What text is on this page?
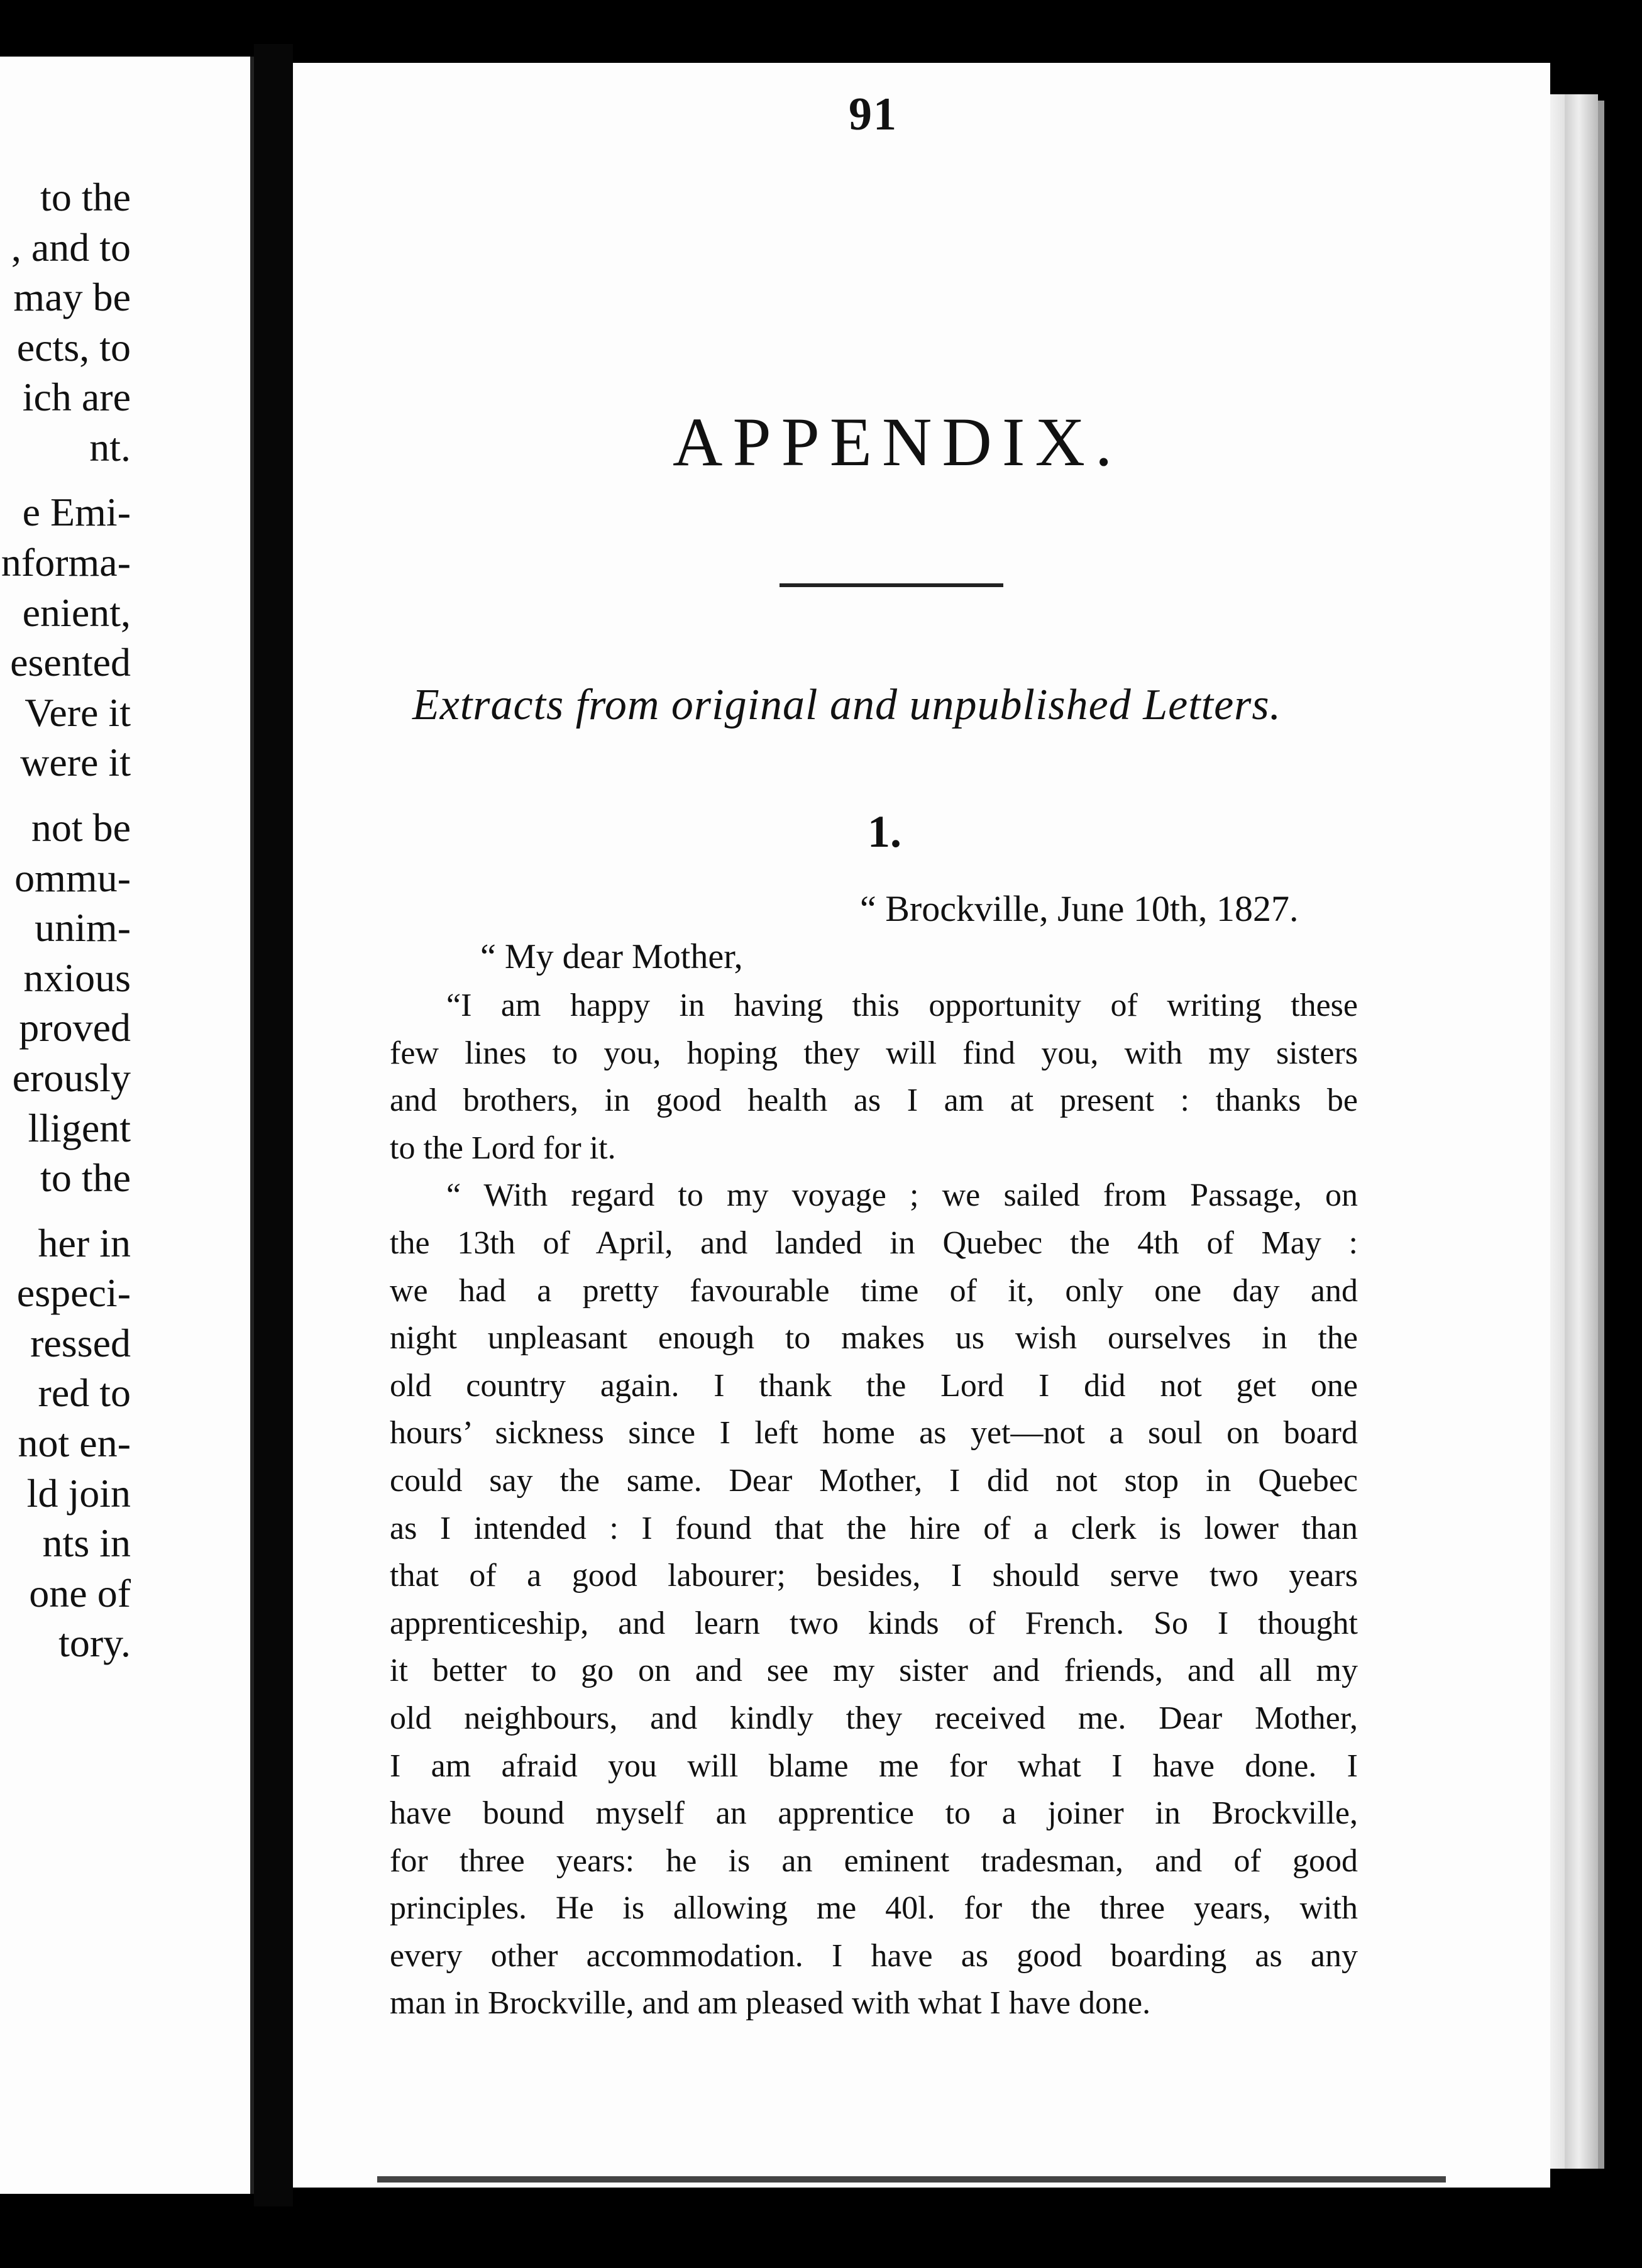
to the
, and to
may be
ects, to
ich are
nt.
e Emi-
nforma-
enient,
esented
Vere it
were it
not be
ommu-
unim-
nxious
proved
erously
lligent
to the
her in
especi-
ressed
red to
not en-
ld join
nts in
one of
tory.
91
APPENDIX.
Extracts from original and unpublished Letters.
1.
“ Brockville, June 10th, 1827.
“ My dear Mother,
“I am happy in having this opportunity of writing these
few lines to you, hoping they will find you, with my sisters
and brothers, in good health as I am at present : thanks be
to the Lord for it.
“ With regard to my voyage ; we sailed from Passage, on
the 13th of April, and landed in Quebec the 4th of May :
we had a pretty favourable time of it, only one day and
night unpleasant enough to makes us wish ourselves in the
old country again. I thank the Lord I did not get one
hours’ sickness since I left home as yet—not a soul on board
could say the same. Dear Mother, I did not stop in Quebec
as I intended : I found that the hire of a clerk is lower than
that of a good labourer; besides, I should serve two years
apprenticeship, and learn two kinds of French. So I thought
it better to go on and see my sister and friends, and all my
old neighbours, and kindly they received me. Dear Mother,
I am afraid you will blame me for what I have done. I
have bound myself an apprentice to a joiner in Brockville,
for three years: he is an eminent tradesman, and of good
principles. He is allowing me 40l. for the three years, with
every other accommodation. I have as good boarding as any
man in Brockville, and am pleased with what I have done.
